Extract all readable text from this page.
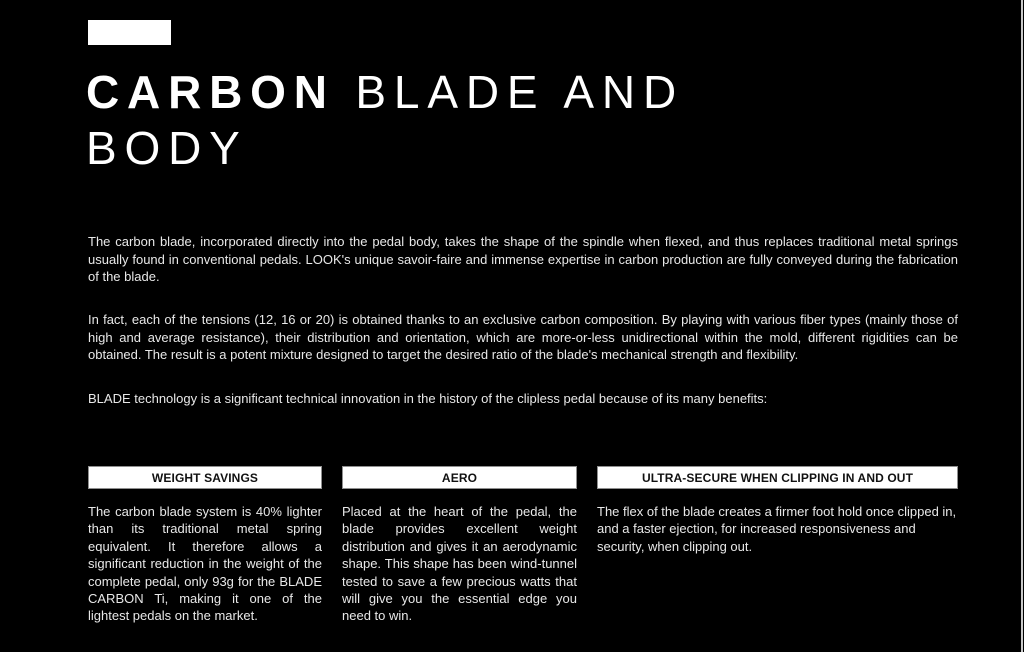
CARBON BLADE AND BODY

The carbon blade, incorporated directly into the pedal body, takes the shape of the spindle when flexed, and thus replaces traditional metal springs usually found in conventional pedals. LOOK's unique savoir-faire and immense expertise in carbon production are fully conveyed during the fabrication of the blade.

In fact, each of the tensions (12, 16 or 20) is obtained thanks to an exclusive carbon composition. By playing with various fiber types (mainly those of high and average resistance), their distribution and orientation, which are more-or-less unidirectional within the mold, different rigidities can be obtained. The result is a potent mixture designed to target the desired ratio of the blade's mechanical strength and flexibility.

BLADE technology is a significant technical innovation in the history of the clipless pedal because of its many benefits:

WEIGHT SAVINGS

The carbon blade system is 40% lighter than its traditional metal spring equivalent. It therefore allows a significant reduction in the weight of the complete pedal, only 93g for the BLADE CARBON Ti, making it one of the lightest pedals on the market.

AERO

Placed at the heart of the pedal, the blade provides excellent weight distribution and gives it an aerodynamic shape. This shape has been wind-tunnel tested to save a few precious watts that will give you the essential edge you need to win.

ULTRA-SECURE WHEN CLIPPING IN AND OUT

The flex of the blade creates a firmer foot hold once clipped in, and a faster ejection, for increased responsiveness and security, when clipping out.
